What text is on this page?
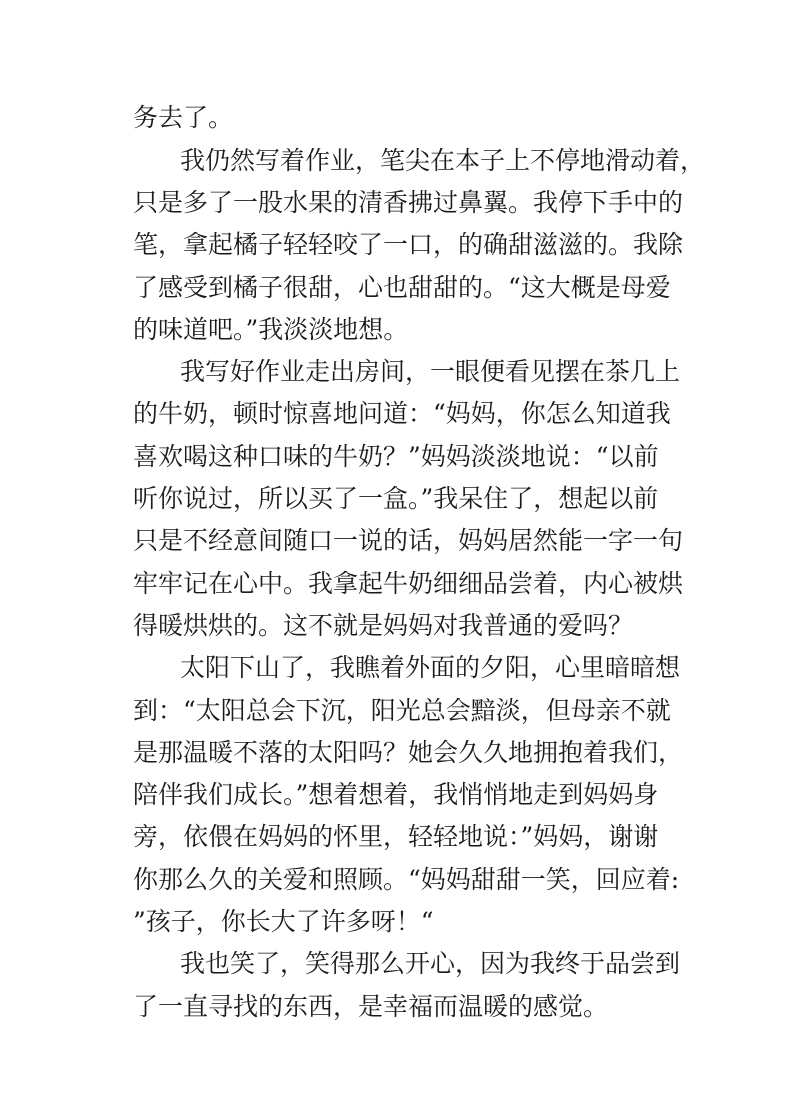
务去了。

我仍然写着作业，笔尖在本子上不停地滑动着，

只是多了一股水果的清香拂过鼻翼。我停下手中的

笔，拿起橘子轻轻咬了一口，的确甜滋滋的。我除

了感受到橘子很甜，心也甜甜的。“这大概是母爱

的味道吧。”我淡淡地想。

我写好作业走出房间，一眼便看见摆在茶几上

的牛奶，顿时惊喜地问道：“妈妈，你怎么知道我

喜欢喝这种口味的牛奶？”妈妈淡淡地说：“以前

听你说过，所以买了一盒。”我呆住了，想起以前

只是不经意间随口一说的话，妈妈居然能一字一句

牢牢记在心中。我拿起牛奶细细品尝着，内心被烘

得暖烘烘的。这不就是妈妈对我普通的爱吗？

太阳下山了，我瞧着外面的夕阳，心里暗暗想

到：“太阳总会下沉，阳光总会黯淡，但母亲不就

是那温暖不落的太阳吗？她会久久地拥抱着我们，

陪伴我们成长。”想着想着，我悄悄地走到妈妈身

旁，依偎在妈妈的怀里，轻轻地说：”妈妈，谢谢

你那么久的关爱和照顾。“妈妈甜甜一笑，回应着:

”孩子，你长大了许多呀！“

我也笑了，笑得那么开心，因为我终于品尝到

了一直寻找的东西，是幸福而温暖的感觉。
